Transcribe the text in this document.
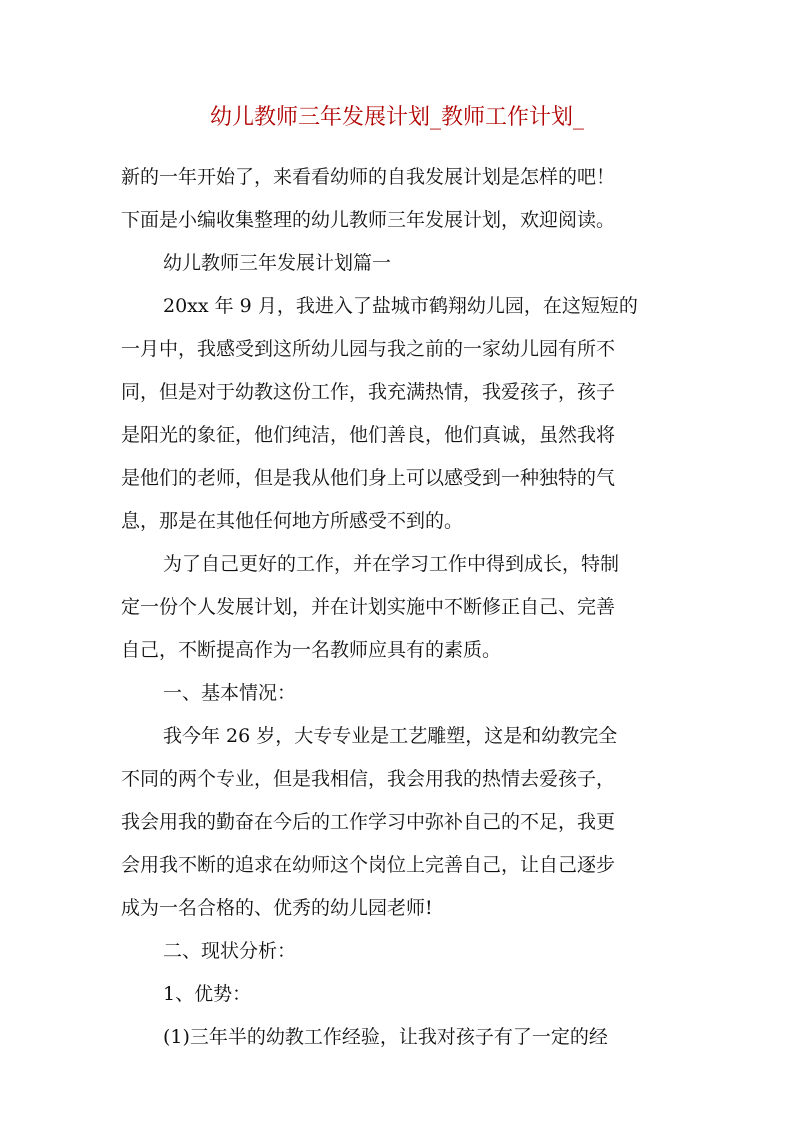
幼儿教师三年发展计划_教师工作计划_
新的一年开始了，来看看幼师的自我发展计划是怎样的吧！
下面是小编收集整理的幼儿教师三年发展计划，欢迎阅读。
幼儿教师三年发展计划篇一
20xx 年 9 月，我进入了盐城市鹤翔幼儿园，在这短短的
一月中，我感受到这所幼儿园与我之前的一家幼儿园有所不
同，但是对于幼教这份工作，我充满热情，我爱孩子，孩子
是阳光的象征，他们纯洁，他们善良，他们真诚，虽然我将
是他们的老师，但是我从他们身上可以感受到一种独特的气
息，那是在其他任何地方所感受不到的。
为了自己更好的工作，并在学习工作中得到成长，特制
定一份个人发展计划，并在计划实施中不断修正自己、完善
自己，不断提高作为一名教师应具有的素质。
一、基本情况：
我今年 26 岁，大专专业是工艺雕塑，这是和幼教完全
不同的两个专业，但是我相信，我会用我的热情去爱孩子，
我会用我的勤奋在今后的工作学习中弥补自己的不足，我更
会用我不断的追求在幼师这个岗位上完善自己，让自己逐步
成为一名合格的、优秀的幼儿园老师!
二、现状分析：
1、优势：
(1)三年半的幼教工作经验，让我对孩子有了一定的经
